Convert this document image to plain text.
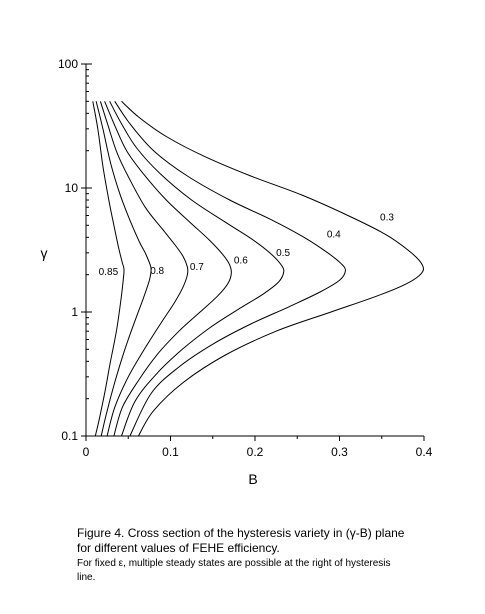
0.1
1
10
100
0	0.1	0.2	0.3	0.4
0.85	0.8	0.7
0.6
0.5
0.4
0.3
B
γ
Figure 4. Cross section of the hysteresis variety in (γ-B) plane
for different values of FEHE efficiency.
For fixed ε, multiple steady states are possible at the right of hysteresis
line.
